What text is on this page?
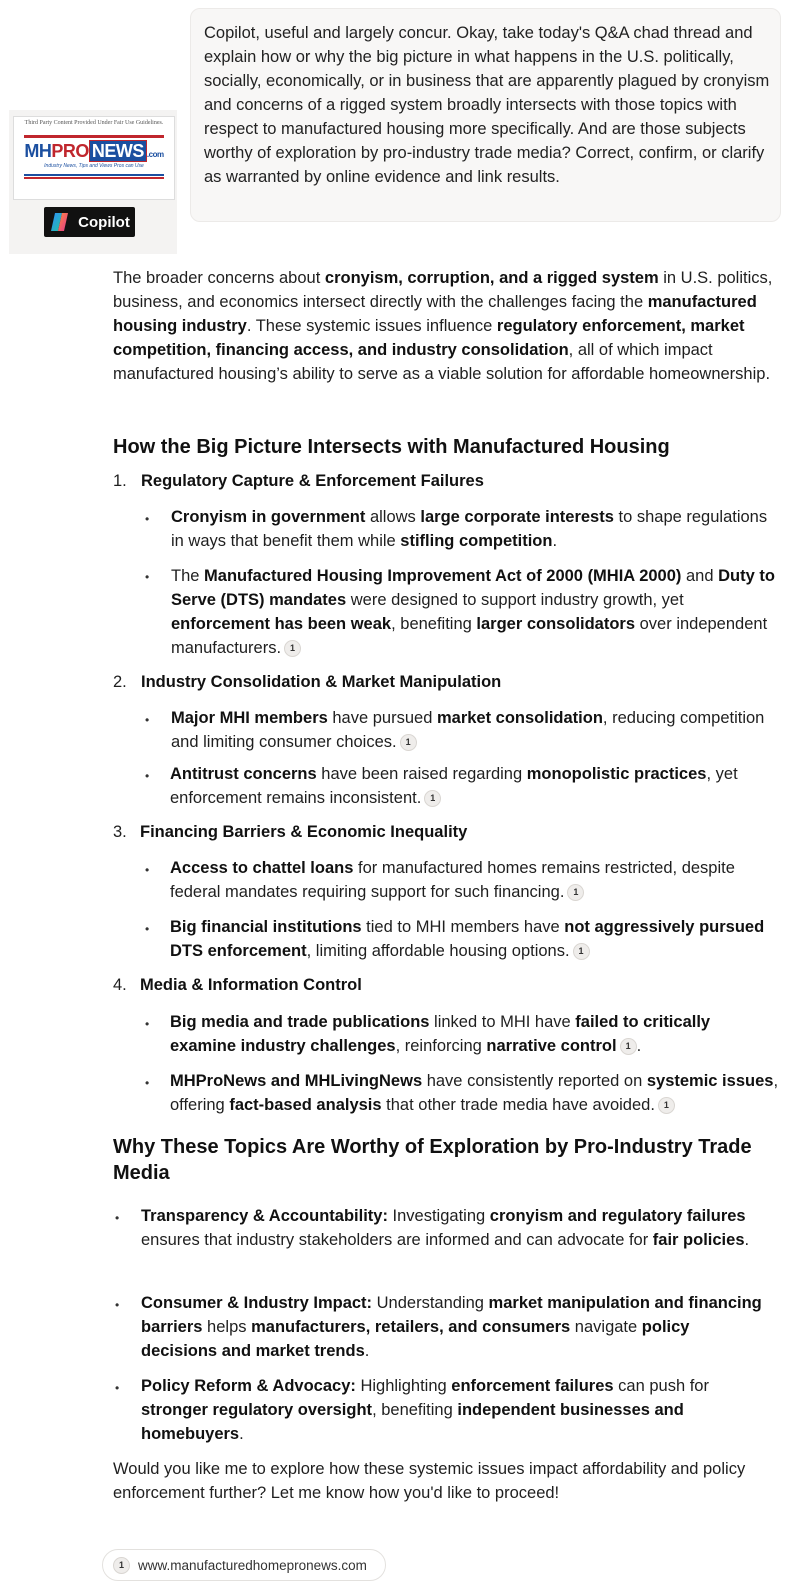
Third Party Content Provided Under Fair Use Guidelines.
MHPRO NEWS .com
Industry News, Tips and Views Pros can Use
Copilot
Copilot, useful and largely concur. Okay, take today's Q&A chad thread and explain how or why the big picture in what happens in the U.S. politically, socially, economically, or in business that are apparently plagued by cronyism and concerns of a rigged system broadly intersects with those topics with respect to manufactured housing more specifically. And are those subjects worthy of exploration by pro-industry trade media? Correct, confirm, or clarify as warranted by online evidence and link results.

The broader concerns about cronyism, corruption, and a rigged system in U.S. politics, business, and economics intersect directly with the challenges facing the manufactured housing industry. These systemic issues influence regulatory enforcement, market competition, financing access, and industry consolidation, all of which impact manufactured housing’s ability to serve as a viable solution for affordable homeownership.

How the Big Picture Intersects with Manufactured Housing
1. Regulatory Capture & Enforcement Failures
• Cronyism in government allows large corporate interests to shape regulations in ways that benefit them while stifling competition.
• The Manufactured Housing Improvement Act of 2000 (MHIA 2000) and Duty to Serve (DTS) mandates were designed to support industry growth, yet enforcement has been weak, benefiting larger consolidators over independent manufacturers. 1
2. Industry Consolidation & Market Manipulation
• Major MHI members have pursued market consolidation, reducing competition and limiting consumer choices. 1
• Antitrust concerns have been raised regarding monopolistic practices, yet enforcement remains inconsistent. 1
3. Financing Barriers & Economic Inequality
• Access to chattel loans for manufactured homes remains restricted, despite federal mandates requiring support for such financing. 1
• Big financial institutions tied to MHI members have not aggressively pursued DTS enforcement, limiting affordable housing options. 1
4. Media & Information Control
• Big media and trade publications linked to MHI have failed to critically examine industry challenges, reinforcing narrative control 1 .
• MHProNews and MHLivingNews have consistently reported on systemic issues, offering fact-based analysis that other trade media have avoided. 1
Why These Topics Are Worthy of Exploration by Pro-Industry Trade Media
• Transparency & Accountability: Investigating cronyism and regulatory failures ensures that industry stakeholders are informed and can advocate for fair policies.
• Consumer & Industry Impact: Understanding market manipulation and financing barriers helps manufacturers, retailers, and consumers navigate policy decisions and market trends.
• Policy Reform & Advocacy: Highlighting enforcement failures can push for stronger regulatory oversight, benefiting independent businesses and homebuyers.

Would you like me to explore how these systemic issues impact affordability and policy enforcement further? Let me know how you'd like to proceed!

1	www.manufacturedhomepronews.com
